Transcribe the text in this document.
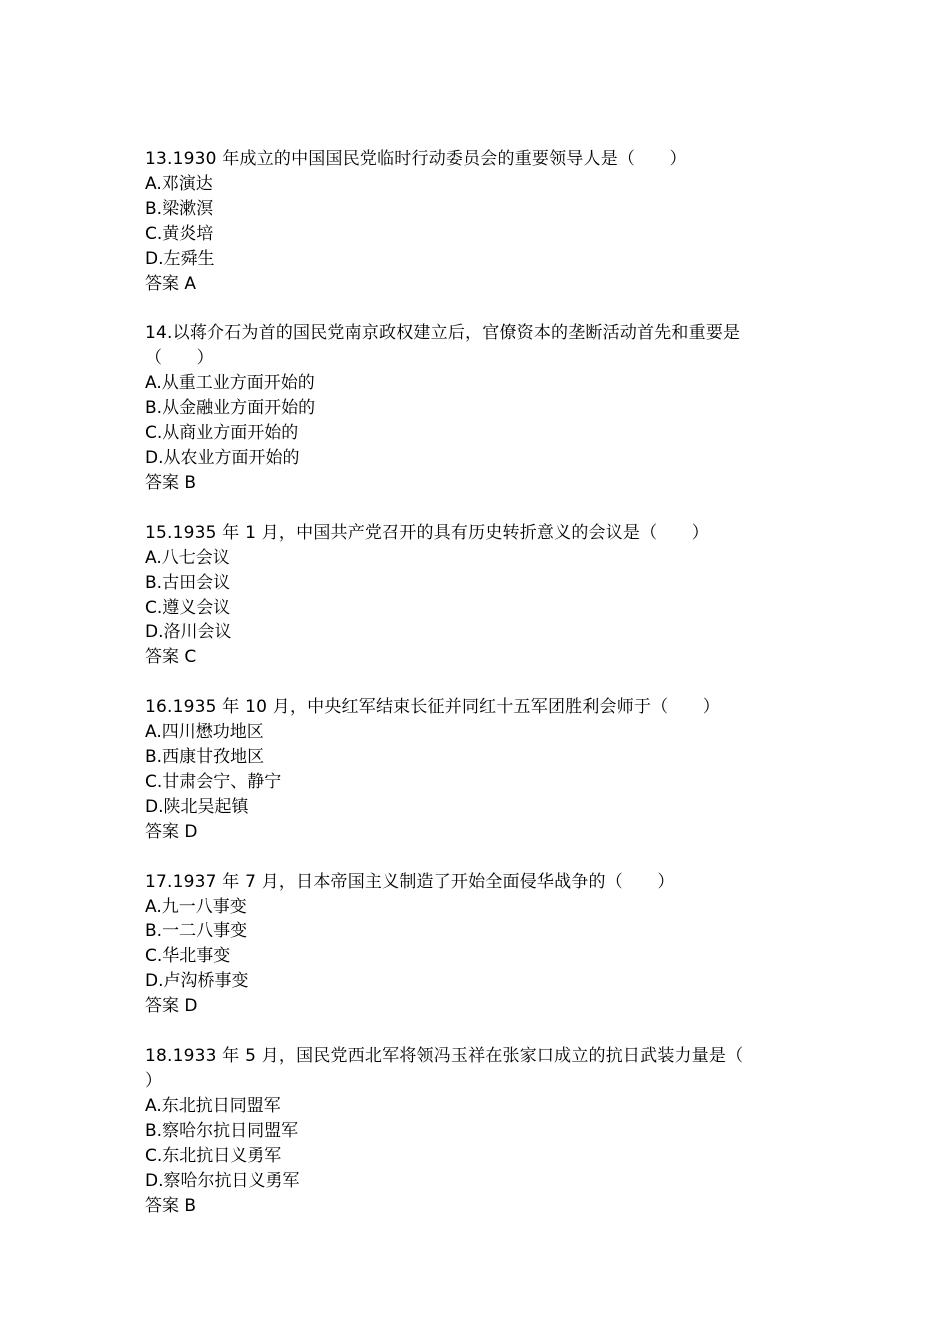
13.1930 年成立的中国国民党临时行动委员会的重要领导人是（　　）
A.邓演达
B.梁漱溟
C.黄炎培
D.左舜生
答案 A
14.以蒋介石为首的国民党南京政权建立后，官僚资本的垄断活动首先和重要是
（　　）
A.从重工业方面开始的
B.从金融业方面开始的
C.从商业方面开始的
D.从农业方面开始的
答案 B
15.1935 年 1 月，中国共产党召开的具有历史转折意义的会议是（　　）
A.八七会议
B.古田会议
C.遵义会议
D.洛川会议
答案 C
16.1935 年 10 月，中央红军结束长征并同红十五军团胜利会师于（　　）
A.四川懋功地区
B.西康甘孜地区
C.甘肃会宁、静宁
D.陕北吴起镇
答案 D
17.1937 年 7 月，日本帝国主义制造了开始全面侵华战争的（　　）
A.九一八事变
B.一二八事变
C.华北事变
D.卢沟桥事变
答案 D
18.1933 年 5 月，国民党西北军将领冯玉祥在张家口成立的抗日武装力量是（
）
A.东北抗日同盟军
B.察哈尔抗日同盟军
C.东北抗日义勇军
D.察哈尔抗日义勇军
答案 B
